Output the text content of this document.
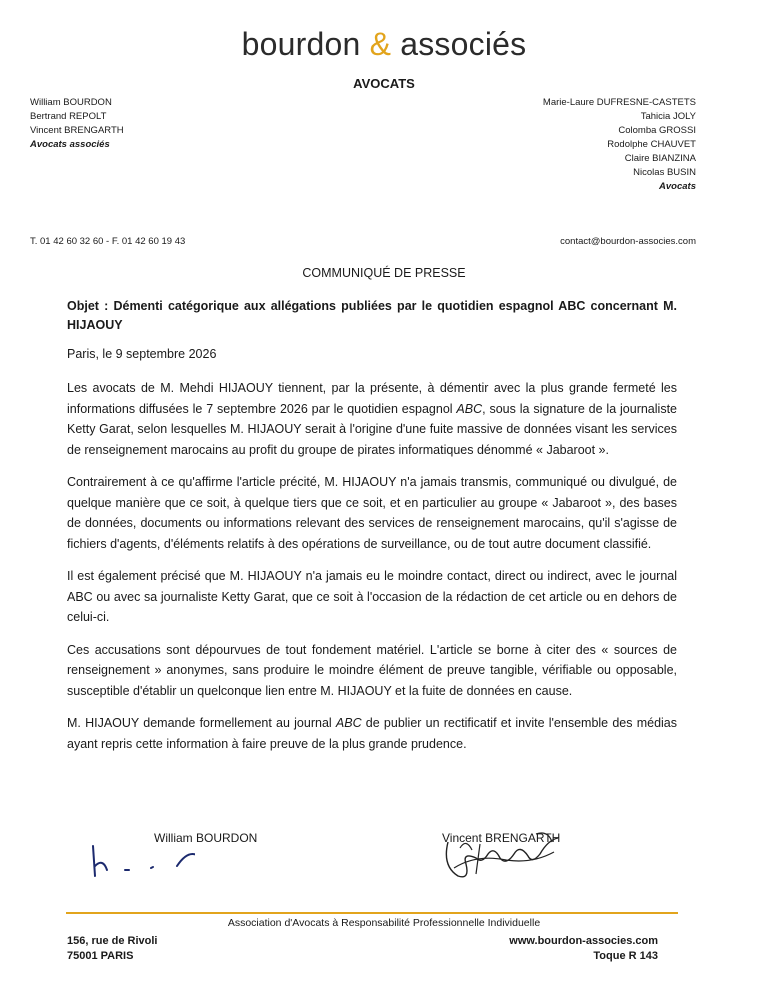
bourdon & associés
AVOCATS
William BOURDON
Bertrand REPOLT
Vincent BRENGARTH
Avocats associés
Marie-Laure DUFRESNE-CASTETS
Tahicia JOLY
Colomba GROSSI
Rodolphe CHAUVET
Claire BIANZINA
Nicolas BUSIN
Avocats
T. 01 42 60 32 60 - F. 01 42 60 19 43	contact@bourdon-associes.com
COMMUNIQUÉ DE PRESSE
Objet : Démenti catégorique aux allégations publiées par le quotidien espagnol ABC concernant M. HIJAOUY
Paris, le 9 septembre 2026

Les avocats de M. Mehdi HIJAOUY tiennent, par la présente, à démentir avec la plus grande fermeté les informations diffusées le 7 septembre 2026 par le quotidien espagnol ABC, sous la signature de la journaliste Ketty Garat, selon lesquelles M. HIJAOUY serait à l'origine d'une fuite massive de données visant les services de renseignement marocains au profit du groupe de pirates informatiques dénommé « Jabaroot ».

Contrairement à ce qu'affirme l'article précité, M. HIJAOUY n'a jamais transmis, communiqué ou divulgué, de quelque manière que ce soit, à quelque tiers que ce soit, et en particulier au groupe « Jabaroot », des bases de données, documents ou informations relevant des services de renseignement marocains, qu'il s'agisse de fichiers d'agents, d'éléments relatifs à des opérations de surveillance, ou de tout autre document classifié.

Il est également précisé que M. HIJAOUY n'a jamais eu le moindre contact, direct ou indirect, avec le journal ABC ou avec sa journaliste Ketty Garat, que ce soit à l'occasion de la rédaction de cet article ou en dehors de celui-ci.

Ces accusations sont dépourvues de tout fondement matériel. L'article se borne à citer des « sources de renseignement » anonymes, sans produire le moindre élément de preuve tangible, vérifiable ou opposable, susceptible d'établir un quelconque lien entre M. HIJAOUY et la fuite de données en cause.

M. HIJAOUY demande formellement au journal ABC de publier un rectificatif et invite l'ensemble des médias ayant repris cette information à faire preuve de la plus grande prudence.

William BOURDON	Vincent BRENGARTH
Association d'Avocats à Responsabilité Professionnelle Individuelle
156, rue de Rivoli
75001 PARIS
www.bourdon-associes.com
Toque R 143
